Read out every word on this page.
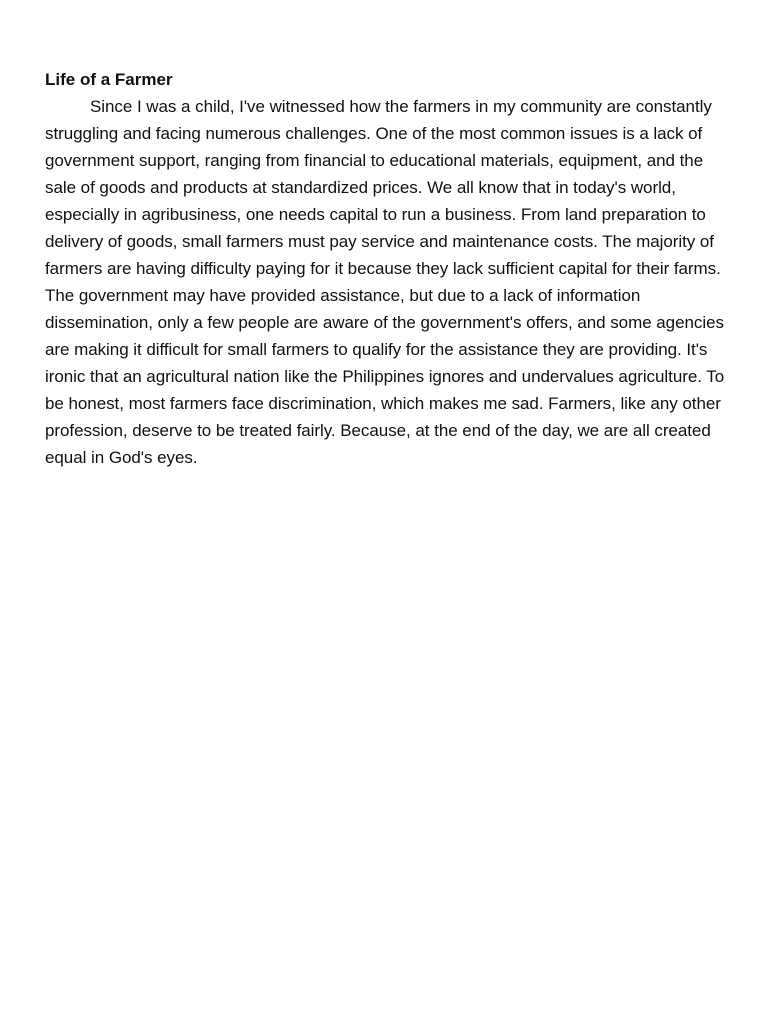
Life of a Farmer

Since I was a child, I've witnessed how the farmers in my community are constantly struggling and facing numerous challenges. One of the most common issues is a lack of government support, ranging from financial to educational materials, equipment, and the sale of goods and products at standardized prices. We all know that in today's world, especially in agribusiness, one needs capital to run a business. From land preparation to delivery of goods, small farmers must pay service and maintenance costs. The majority of farmers are having difficulty paying for it because they lack sufficient capital for their farms. The government may have provided assistance, but due to a lack of information dissemination, only a few people are aware of the government's offers, and some agencies are making it difficult for small farmers to qualify for the assistance they are providing. It's ironic that an agricultural nation like the Philippines ignores and undervalues agriculture. To be honest, most farmers face discrimination, which makes me sad. Farmers, like any other profession, deserve to be treated fairly. Because, at the end of the day, we are all created equal in God's eyes.
